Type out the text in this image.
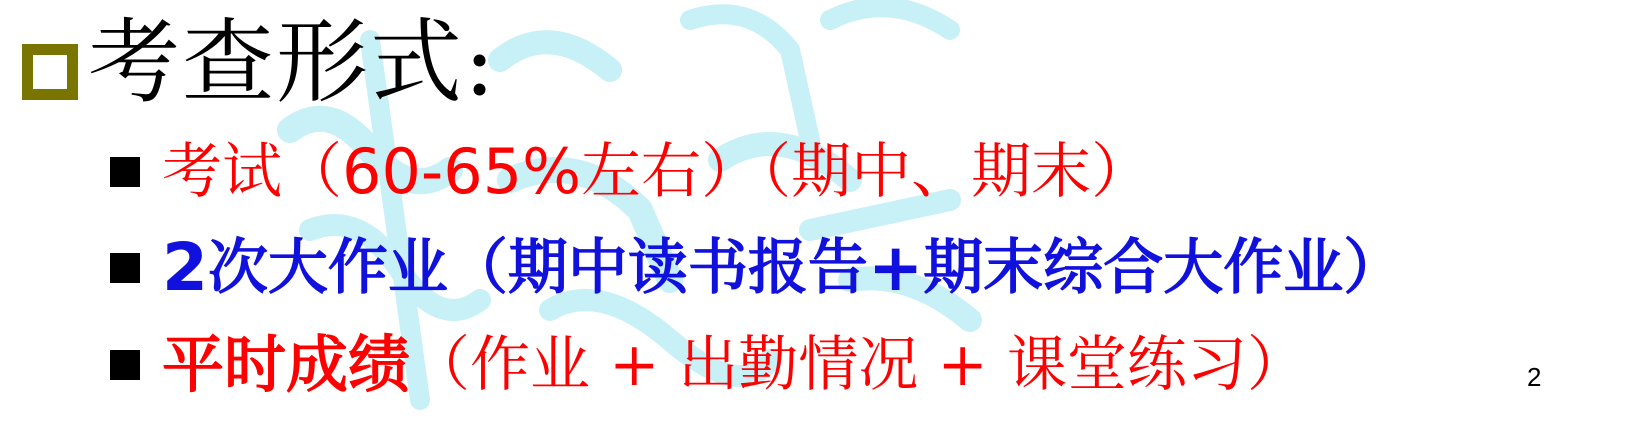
考查形式:
考试（ 60-65% 左右）（期中、期末）
2 次大作业（期中读书报告 + 期末综合大作业）
平时成绩 （作业 + 出勤情况 + 课堂练习）	2
